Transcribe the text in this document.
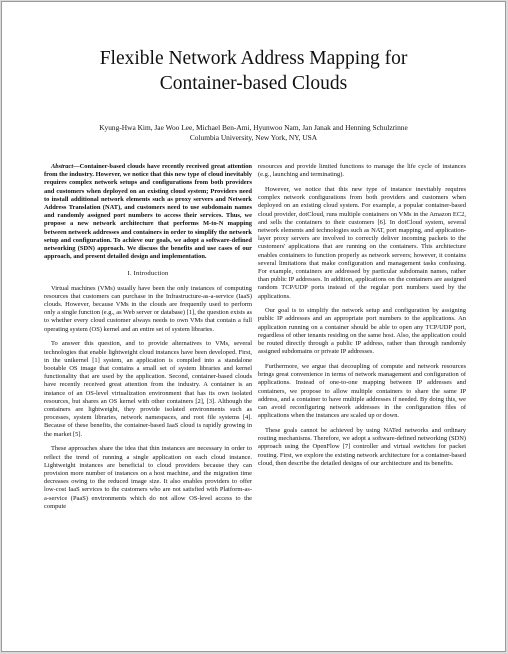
Flexible Network Address Mapping for
Container-based Clouds
Kyung-Hwa Kim, Jae Woo Lee, Michael Ben-Ami, Hyunwoo Nam, Jan Janak and Henning Schulzrinne
Columbia University, New York, NY, USA

Abstract—Container-based clouds have recently received great attention from the industry. However, we notice that this new type of cloud inevitably requires complex network setups and configurations from both providers and customers when deployed on an existing cloud system; Providers need to install additional network elements such as proxy servers and Network Address Translation (NAT), and customers need to use subdomain names and randomly assigned port numbers to access their services. Thus, we propose a new network architecture that performs M-to-N mapping between network addresses and containers in order to simplify the network setup and configuration. To achieve our goals, we adopt a software-defined networking (SDN) approach. We discuss the benefits and use cases of our approach, and present detailed design and implementation.

I. Introduction

Virtual machines (VMs) usually have been the only instances of computing resources that customers can purchase in the Infrastructure-as-a-service (IaaS) clouds. However, because VMs in the clouds are frequently used to perform only a single function (e.g., as Web server or database) [1], the question exists as to whether every cloud customer always needs to own VMs that contain a full operating system (OS) kernel and an entire set of system libraries.

To answer this question, and to provide alternatives to VMs, several technologies that enable lightweight cloud instances have been developed. First, in the unikernel [1] system, an application is compiled into a standalone bootable OS image that contains a small set of system libraries and kernel functionality that are used by the application. Second, container-based clouds have recently received great attention from the industry. A container is an instance of an OS-level virtualization environment that has its own isolated resources, but shares an OS kernel with other containers [2], [3]. Although the containers are lightweight, they provide isolated environments such as processes, system libraries, network namespaces, and root file systems [4]. Because of these benefits, the container-based IaaS cloud is rapidly growing in the market [5].

These approaches share the idea that thin instances are necessary in order to reflect the trend of running a single application on each cloud instance. Lightweight instances are beneficial to cloud providers because they can provision more number of instances on a host machine, and the migration time decreases owing to the reduced image size. It also enables providers to offer low-cost IaaS services to the customers who are not satisfied with Platform-as-a-service (PaaS) environments which do not allow OS-level access to the compute

resources and provide limited functions to manage the life cycle of instances (e.g., launching and terminating).

However, we notice that this new type of instance inevitably requires complex network configurations from both providers and customers when deployed on an existing cloud system. For example, a popular container-based cloud provider, dotCloud, runs multiple containers on VMs in the Amazon EC2, and sells the containers to their customers [6]. In dotCloud system, several network elements and technologies such as NAT, port mapping, and application-layer proxy servers are involved to correctly deliver incoming packets to the customers' applications that are running on the containers. This architecture enables containers to function properly as network servers; however, it contains several limitations that make configuration and management tasks confusing. For example, containers are addressed by particular subdomain names, rather than public IP addresses. In addition, applications on the containers are assigned random TCP/UDP ports instead of the regular port numbers used by the applications.

Our goal is to simplify the network setup and configuration by assigning public IP addresses and an appropriate port numbers to the applications. An application running on a container should be able to open any TCP/UDP port, regardless of other tenants residing on the same host. Also, the application could be routed directly through a public IP address, rather than through randomly assigned subdomains or private IP addresses.

Furthermore, we argue that decoupling of compute and network resources brings great convenience in terms of network management and configuration of applications. Instead of one-to-one mapping between IP addresses and containers, we propose to allow multiple containers to share the same IP address, and a container to have multiple addresses if needed. By doing this, we can avoid reconfiguring network addresses in the configuration files of applications when the instances are scaled up or down.

These goals cannot be achieved by using NATed networks and ordinary routing mechanisms. Therefore, we adopt a software-defined networking (SDN) approach using the OpenFlow [7] controller and virtual switches for packet routing. First, we explore the existing network architecture for a container-based cloud, then describe the detailed designs of our architecture and its benefits.
